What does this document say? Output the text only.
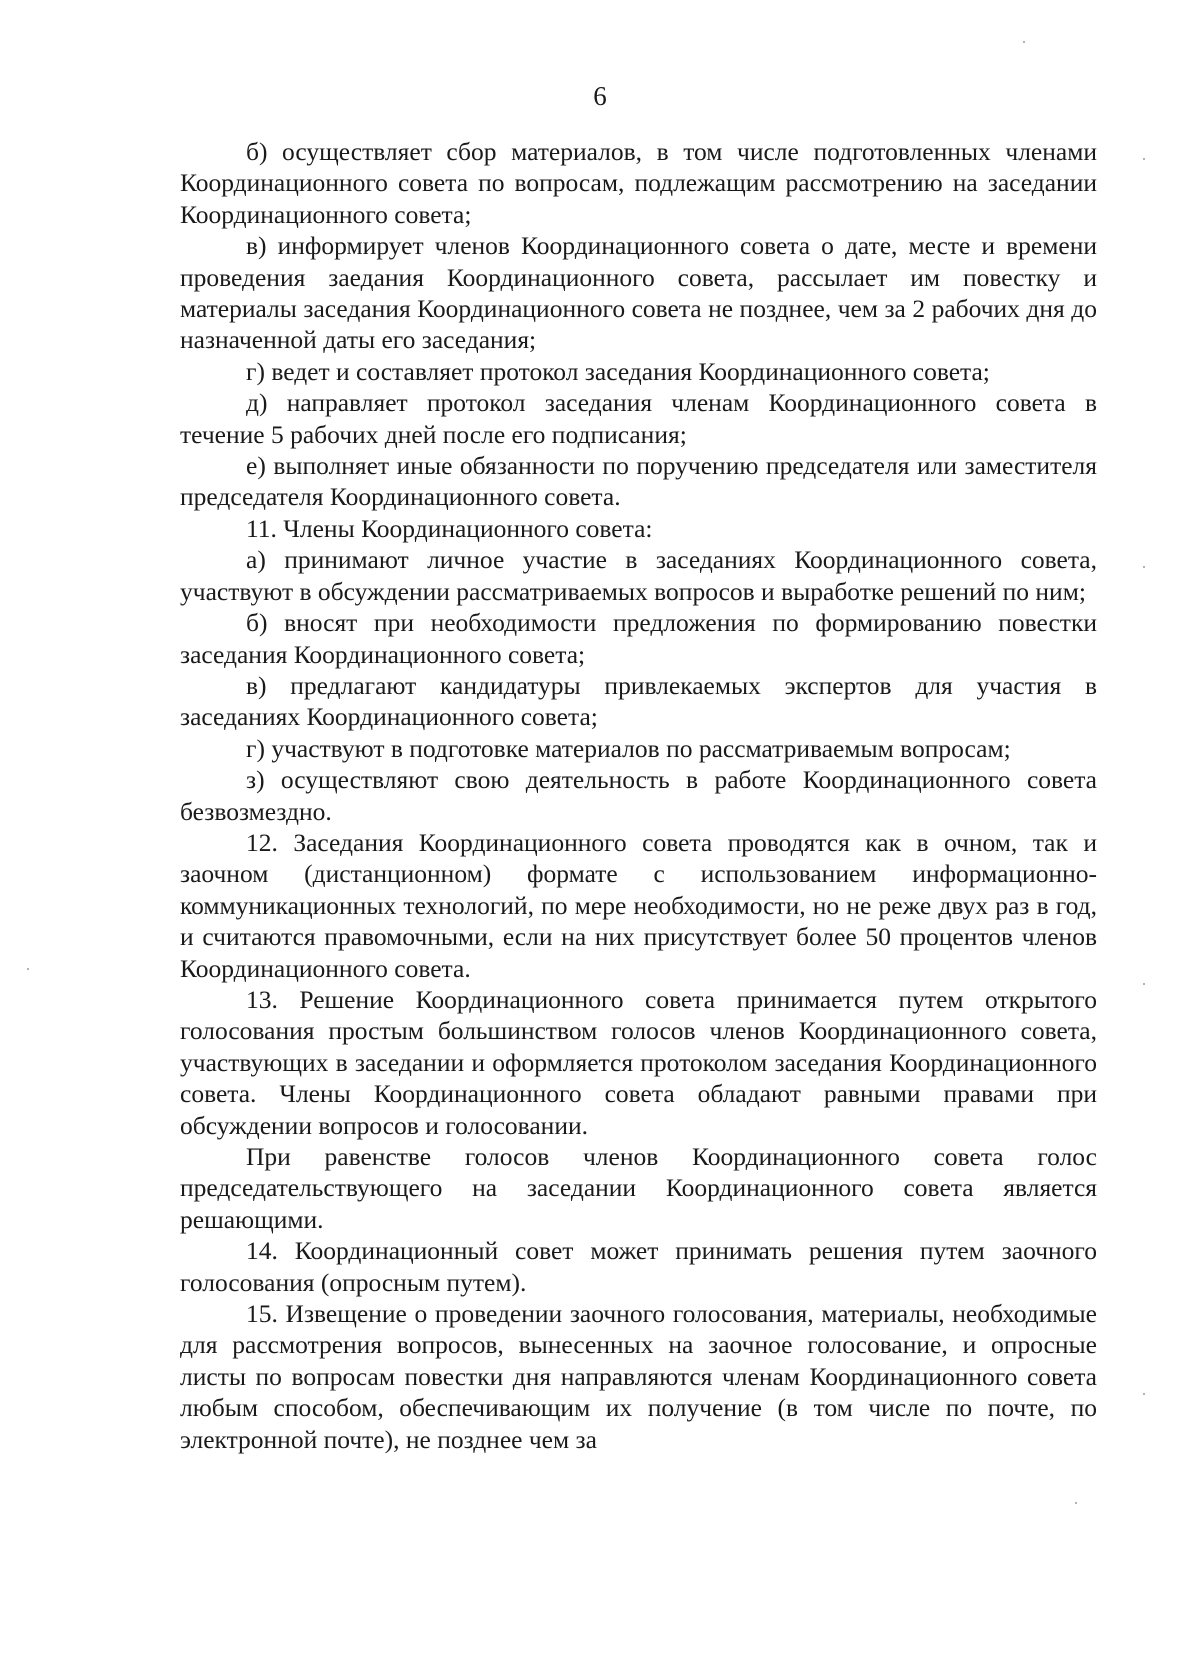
6

б) осуществляет сбор материалов, в том числе подготовленных членами Координационного совета по вопросам, подлежащим рассмотрению на заседании Координационного совета;

в) информирует членов Координационного совета о дате, месте и времени проведения заедания Координационного совета, рассылает им повестку и материалы заседания Координационного совета не позднее, чем за 2 рабочих дня до назначенной даты его заседания;

г) ведет и составляет протокол заседания Координационного совета;

д) направляет протокол заседания членам Координационного совета в течение 5 рабочих дней после его подписания;

е) выполняет иные обязанности по поручению председателя или заместителя председателя Координационного совета.

11. Члены Координационного совета:

а) принимают личное участие в заседаниях Координационного совета, участвуют в обсуждении рассматриваемых вопросов и выработке решений по ним;

б) вносят при необходимости предложения по формированию повестки заседания Координационного совета;

в) предлагают кандидатуры привлекаемых экспертов для участия в заседаниях Координационного совета;

г) участвуют в подготовке материалов по рассматриваемым вопросам;

з) осуществляют свою деятельность в работе Координационного совета безвозмездно.

12. Заседания Координационного совета проводятся как в очном, так и заочном (дистанционном) формате с использованием информационно-коммуникационных технологий, по мере необходимости, но не реже двух раз в год, и считаются правомочными, если на них присутствует более 50 процентов членов Координационного совета.

13. Решение Координационного совета принимается путем открытого голосования простым большинством голосов членов Координационного совета, участвующих в заседании и оформляется протоколом заседания Координационного совета. Члены Координационного совета обладают равными правами при обсуждении вопросов и голосовании.

При равенстве голосов членов Координационного совета голос председательствующего на заседании Координационного совета является решающими.

14. Координационный совет может принимать решения путем заочного голосования (опросным путем).

15. Извещение о проведении заочного голосования, материалы, необходимые для рассмотрения вопросов, вынесенных на заочное голосование, и опросные листы по вопросам повестки дня направляются членам Координационного совета любым способом, обеспечивающим их получение (в том числе по почте, по электронной почте), не позднее чем за
